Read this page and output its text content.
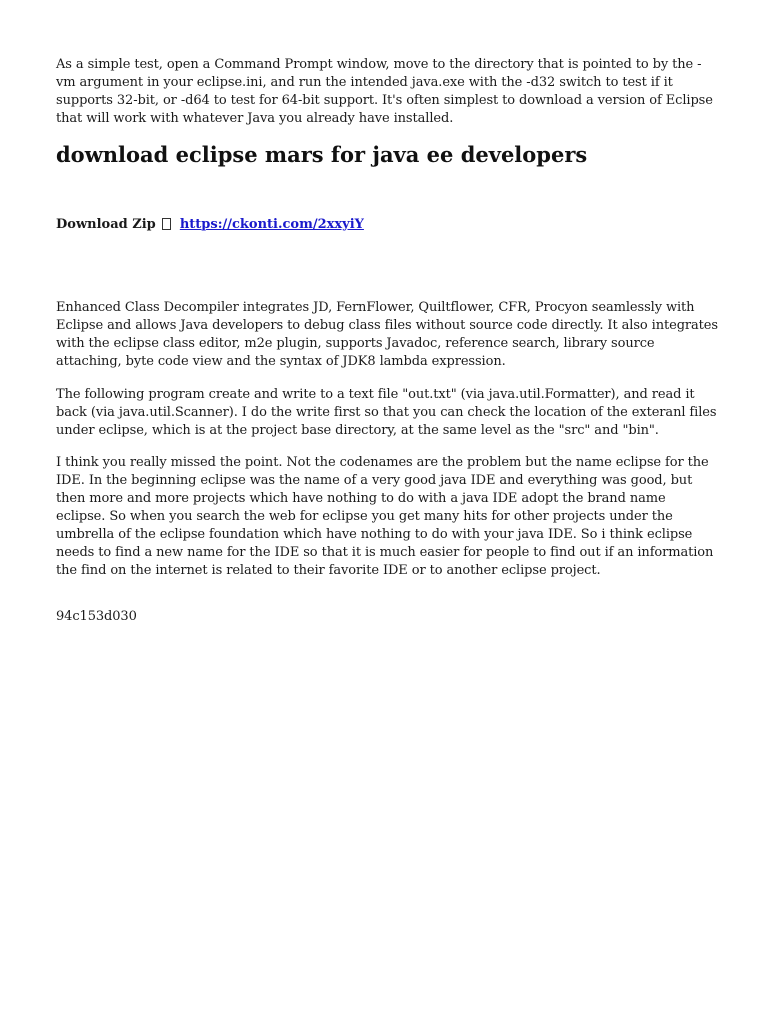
As a simple test, open a Command Prompt window, move to the directory that is pointed to by the -vm argument in your eclipse.ini, and run the intended java.exe with the -d32 switch to test if it supports 32-bit, or -d64 to test for 64-bit support. It's often simplest to download a version of Eclipse that will work with whatever Java you already have installed.

download eclipse mars for java ee developers

Download Zip https://ckonti.com/2xxyiY

Enhanced Class Decompiler integrates JD, FernFlower, Quiltflower, CFR, Procyon seamlessly with Eclipse and allows Java developers to debug class files without source code directly. It also integrates with the eclipse class editor, m2e plugin, supports Javadoc, reference search, library source attaching, byte code view and the syntax of JDK8 lambda expression.

The following program create and write to a text file "out.txt" (via java.util.Formatter), and read it back (via java.util.Scanner). I do the write first so that you can check the location of the exteranl files under eclipse, which is at the project base directory, at the same level as the "src" and "bin".

I think you really missed the point. Not the codenames are the problem but the name eclipse for the IDE. In the beginning eclipse was the name of a very good java IDE and everything was good, but then more and more projects which have nothing to do with a java IDE adopt the brand name eclipse. So when you search the web for eclipse you get many hits for other projects under the umbrella of the eclipse foundation which have nothing to do with your java IDE. So i think eclipse needs to find a new name for the IDE so that it is much easier for people to find out if an information the find on the internet is related to their favorite IDE or to another eclipse project.

94c153d030
